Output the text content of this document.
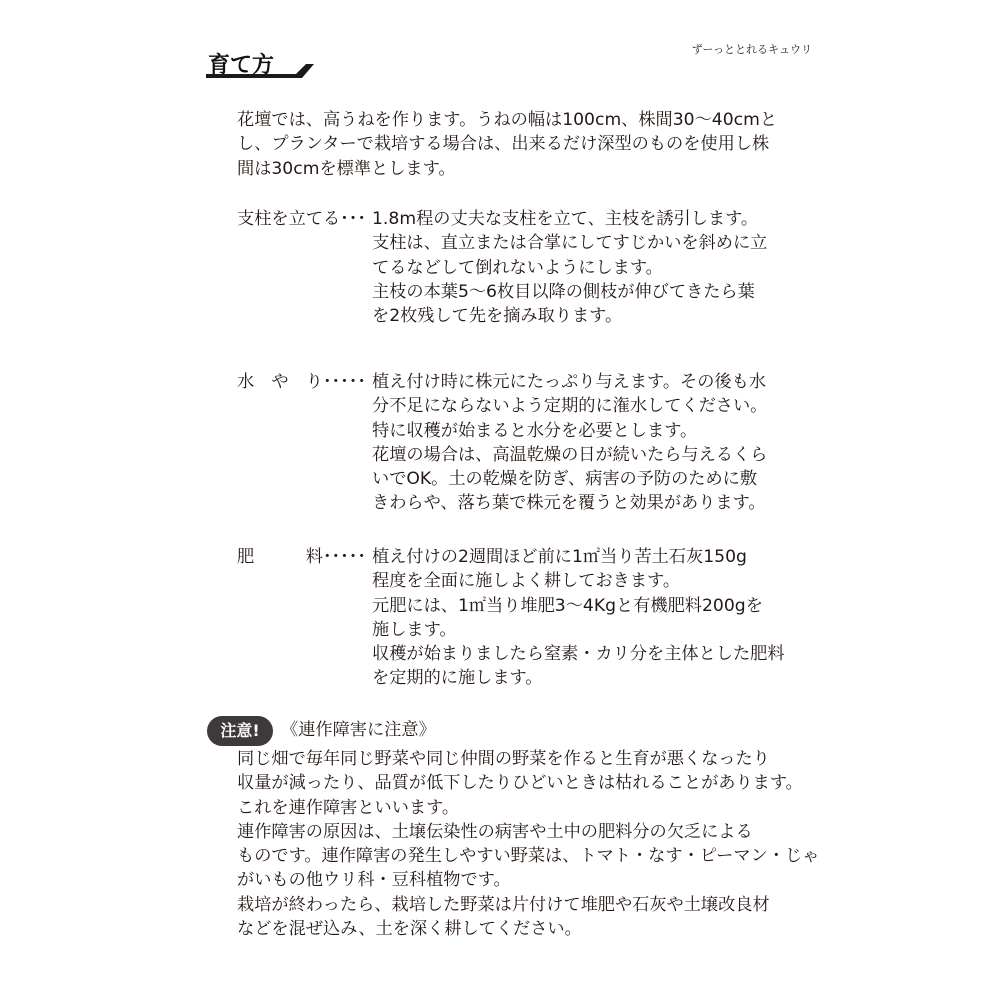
育て方
ずーっととれるキュウリ
花壇では、高うねを作ります。うねの幅は100cm、株間30～40cmと
し、プランターで栽培する場合は、出来るだけ深型のものを使用し株
間は30cmを標準とします。
支柱を立てる･･･ 1.8m程の丈夫な支柱を立て、主枝を誘引します。
支柱は、直立または合掌にしてすじかいを斜めに立
てるなどして倒れないようにします。
主枝の本葉5～6枚目以降の側枝が伸びてきたら葉
を2枚残して先を摘み取ります。
水　や　り･････ 植え付け時に株元にたっぷり与えます。その後も水
分不足にならないよう定期的に潅水してください。
特に収穫が始まると水分を必要とします。
花壇の場合は、高温乾燥の日が続いたら与えるくら
いでOK。土の乾燥を防ぎ、病害の予防のために敷
きわらや、落ち葉で株元を覆うと効果があります。
肥　　　料･････ 植え付けの2週間ほど前に1㎡当り苦土石灰150g
程度を全面に施しよく耕しておきます。
元肥には、1㎡当り堆肥3～4Kgと有機肥料200gを
施します。
収穫が始まりましたら窒素・カリ分を主体とした肥料
を定期的に施します。
注意!	《連作障害に注意》
同じ畑で毎年同じ野菜や同じ仲間の野菜を作ると生育が悪くなったり
収量が減ったり、品質が低下したりひどいときは枯れることがあります。
これを連作障害といいます。
連作障害の原因は、土壌伝染性の病害や土中の肥料分の欠乏による
ものです。連作障害の発生しやすい野菜は、トマト・なす・ピーマン・じゃ
がいもの他ウリ科・豆科植物です。
栽培が終わったら、栽培した野菜は片付けて堆肥や石灰や土壌改良材
などを混ぜ込み、土を深く耕してください。
